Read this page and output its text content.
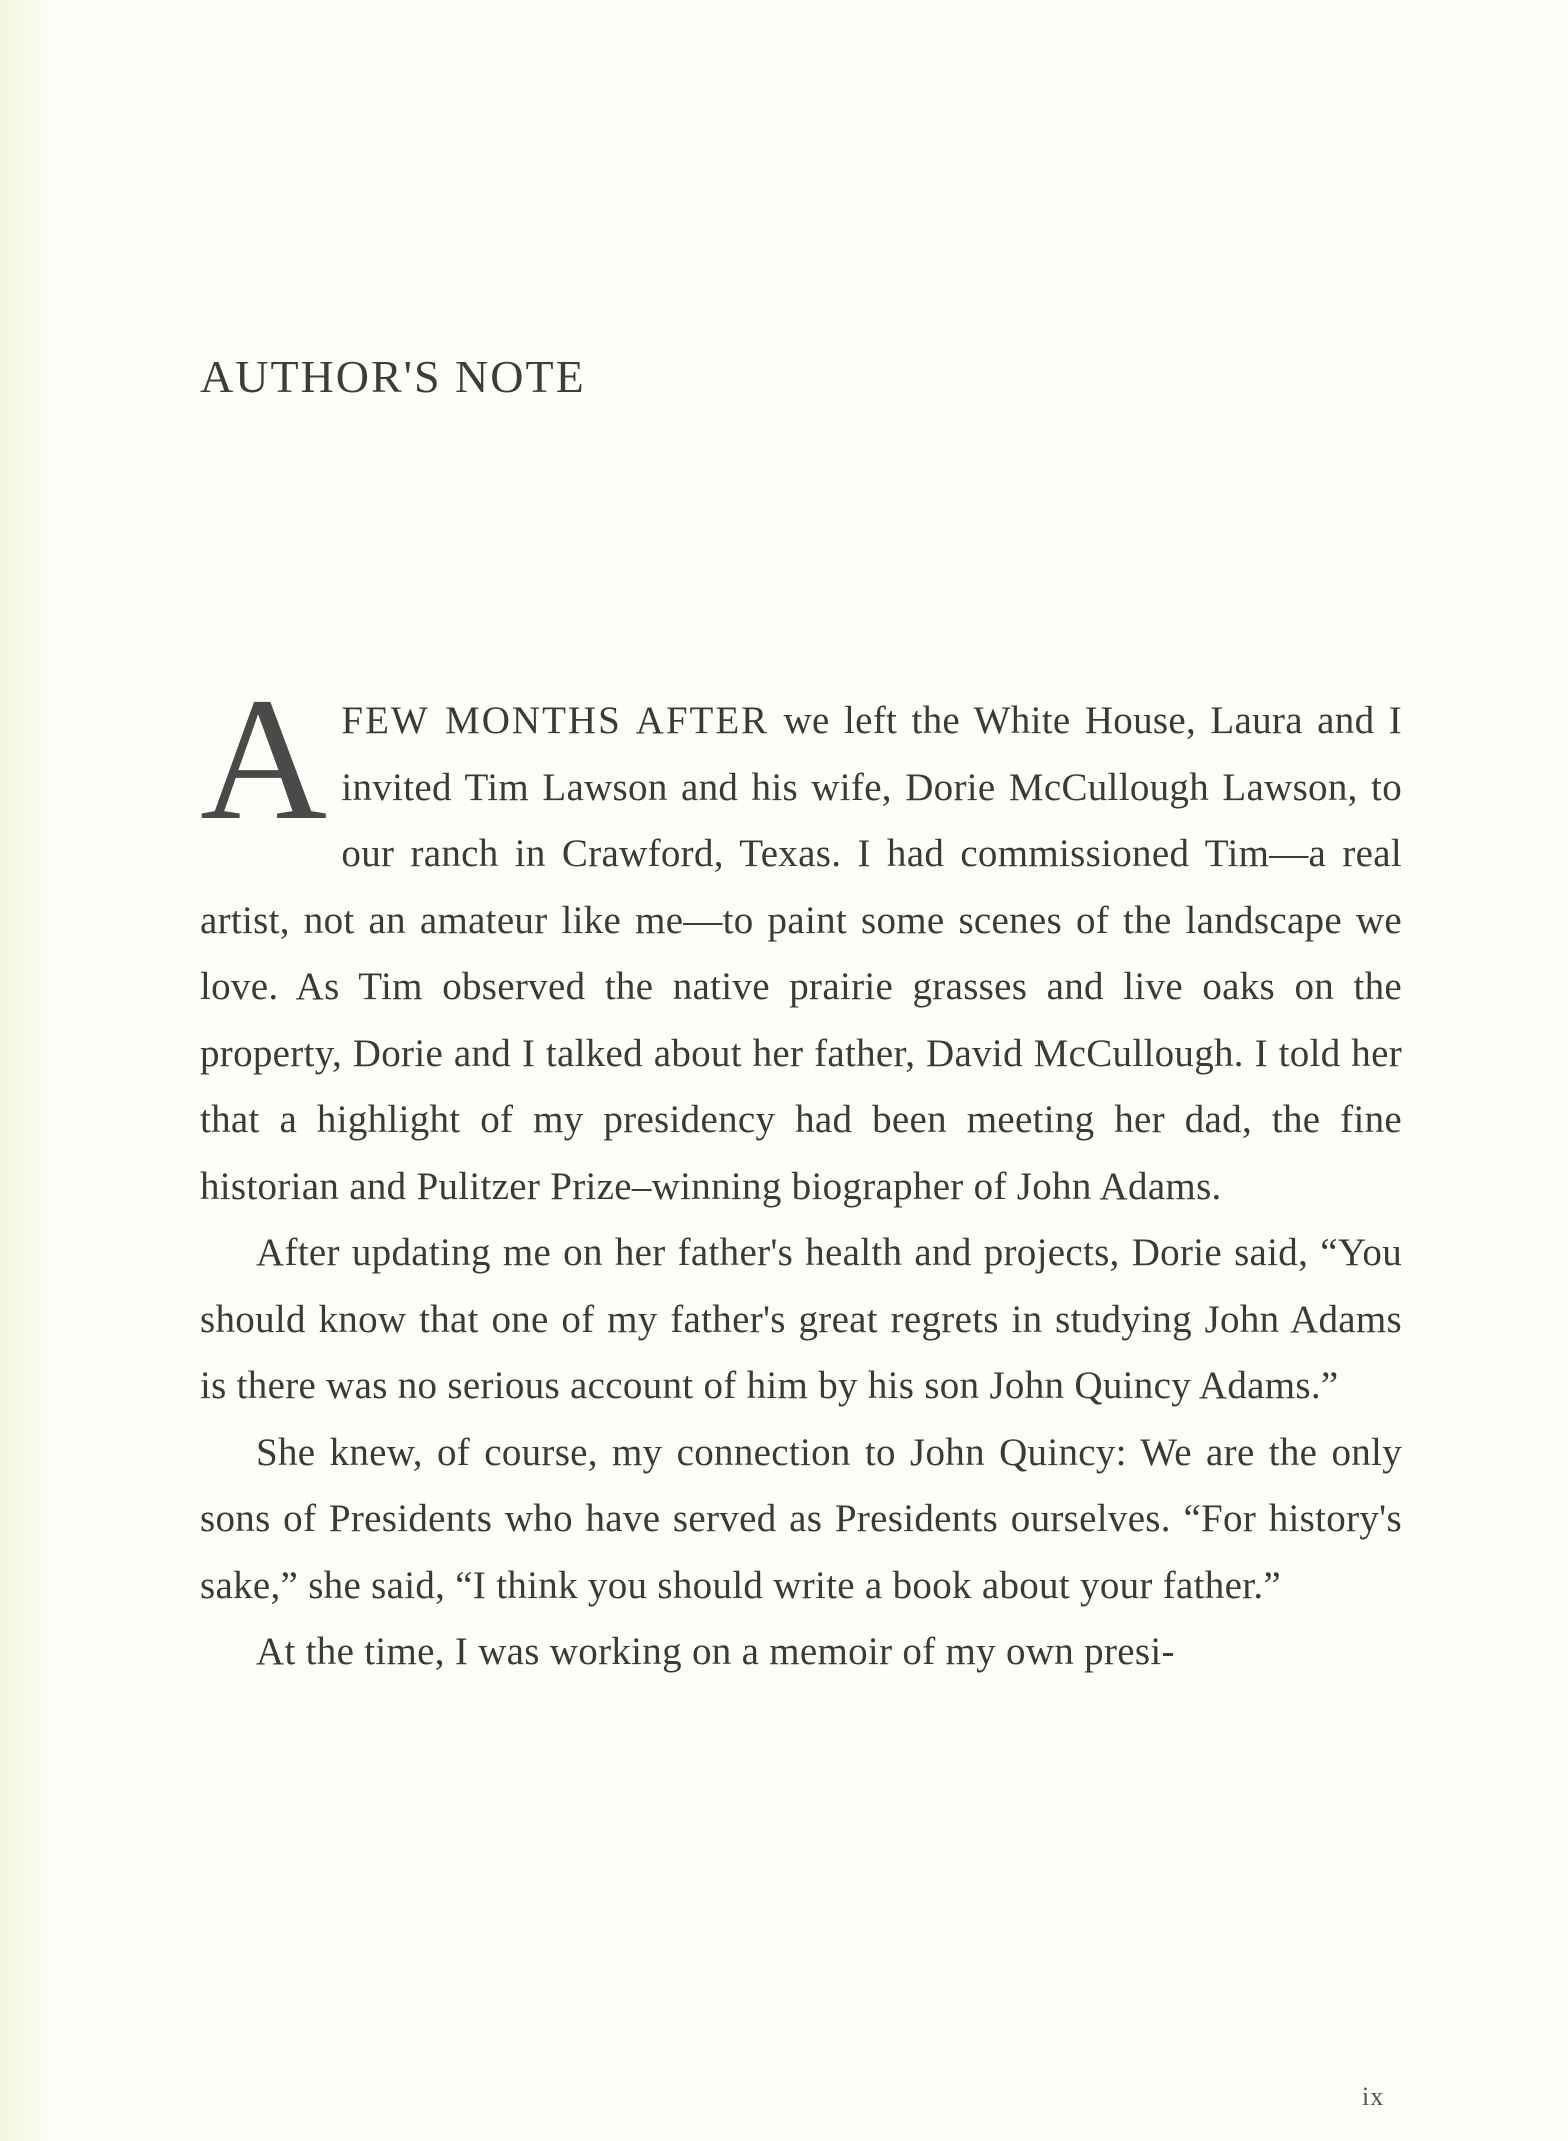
AUTHOR'S NOTE

AFEW MONTHS AFTER we left the White House, Laura and I invited Tim Lawson and his wife, Dorie McCullough Lawson, to our ranch in Crawford, Texas. I had commissioned Tim—a real artist, not an amateur like me—to paint some scenes of the landscape we love. As Tim observed the native prairie grasses and live oaks on the property, Dorie and I talked about her father, David McCullough. I told her that a highlight of my presidency had been meeting her dad, the fine historian and Pulitzer Prize–winning biographer of John Adams.

After updating me on her father's health and projects, Dorie said, “You should know that one of my father's great regrets in studying John Adams is there was no serious account of him by his son John Quincy Adams.”

She knew, of course, my connection to John Quincy: We are the only sons of Presidents who have served as Presidents ourselves. “For history's sake,” she said, “I think you should write a book about your father.”

At the time, I was working on a memoir of my own presi-

ix
